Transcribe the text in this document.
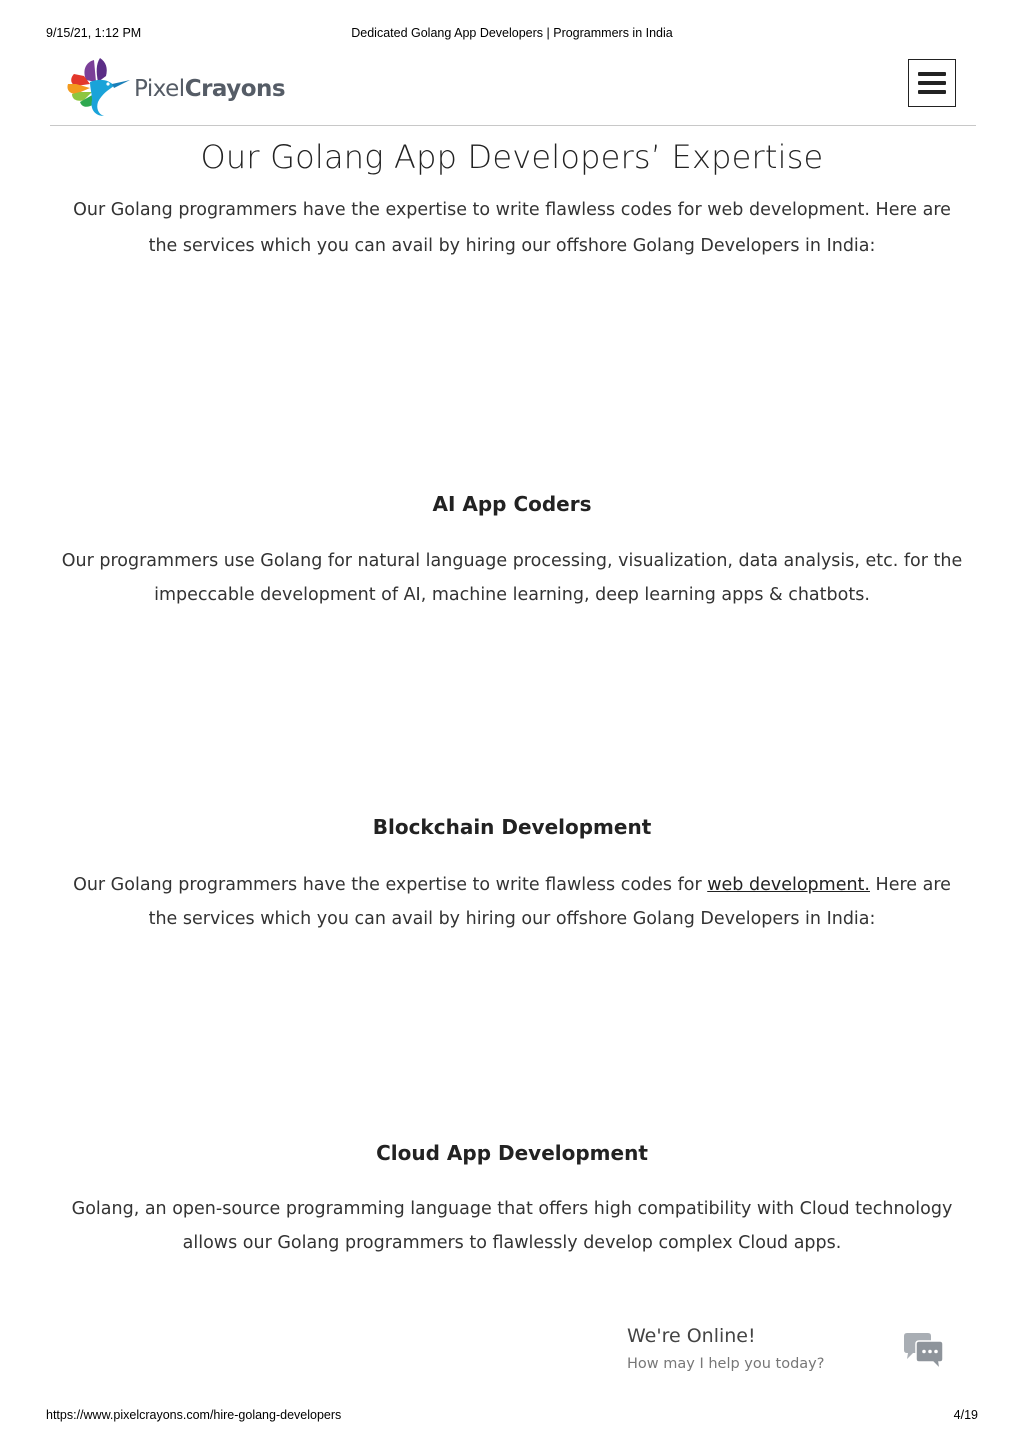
9/15/21, 1:12 PM	Dedicated Golang App Developers | Programmers in India
PixelCrayons
Our Golang App Developers’ Expertise

Our Golang programmers have the expertise to write flawless codes for web development. Here are the services which you can avail by hiring our offshore Golang Developers in India:

AI App Coders

Our programmers use Golang for natural language processing, visualization, data analysis, etc. for the impeccable development of AI, machine learning, deep learning apps & chatbots.

Blockchain Development

Our Golang programmers have the expertise to write flawless codes for web development. Here are the services which you can avail by hiring our offshore Golang Developers in India:

Cloud App Development

Golang, an open-source programming language that offers high compatibility with Cloud technology allows our Golang programmers to flawlessly develop complex Cloud apps.

We're Online!
How may I help you today?
https://www.pixelcrayons.com/hire-golang-developers	4/19
